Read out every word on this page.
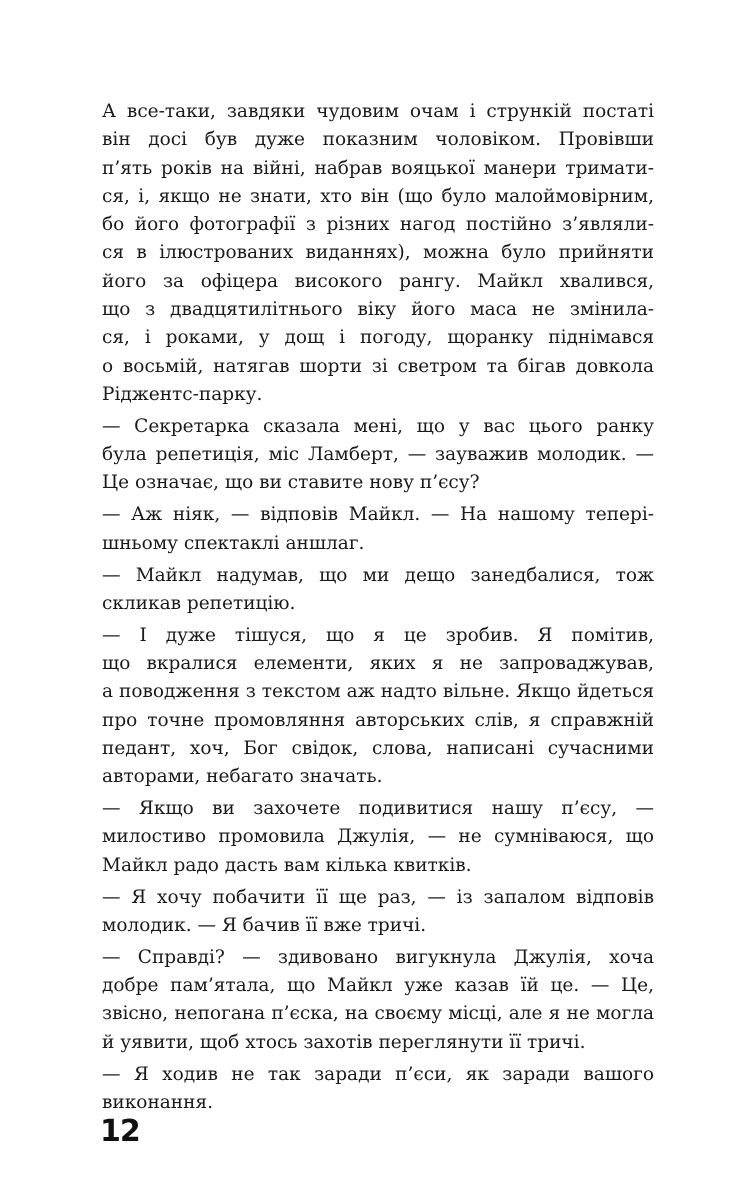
А все-таки, завдяки чудовим очам і стрункій постаті
він досі був дуже показним чоловіком. Провівши
п’ять років на війні, набрав вояцької манери тримати-
ся, і, якщо не знати, хто він (що було малоймовірним,
бо його фотографії з різних нагод постійно з’являли-
ся в ілюстрованих виданнях), можна було прийняти
його за офіцера високого рангу. Майкл хвалився,
що з двадцятилітнього віку його маса не змінила-
ся, і роками, у дощ і погоду, щоранку піднімався
о восьмій, натягав шорти зі светром та бігав довкола
Ріджентс-парку.
— Секретарка сказала мені, що у вас цього ранку
була репетиція, міс Ламберт, — зауважив молодик. —
Це означає, що ви ставите нову п’єсу?
— Аж ніяк, — відповів Майкл. — На нашому тепері-
шньому спектаклі аншлаг.
— Майкл надумав, що ми дещо занедбалися, тож
скликав репетицію.
— І дуже тішуся, що я це зробив. Я помітив,
що вкралися елементи, яких я не запроваджував,
а поводження з текстом аж надто вільне. Якщо йдеться
про точне промовляння авторських слів, я справжній
педант, хоч, Бог свідок, слова, написані сучасними
авторами, небагато значать.
— Якщо ви захочете подивитися нашу п’єсу, —
милостиво промовила Джулія, — не сумніваюся, що
Майкл радо дасть вам кілька квитків.
— Я хочу побачити її ще раз, — із запалом відповів
молодик. — Я бачив її вже тричі.
— Справді? — здивовано вигукнула Джулія, хоча
добре пам’ятала, що Майкл уже казав їй це. — Це,
звісно, непогана п’єска, на своєму місці, але я не могла
й уявити, щоб хтось захотів переглянути її тричі.
— Я ходив не так заради п’єси, як заради вашого
виконання.
12
